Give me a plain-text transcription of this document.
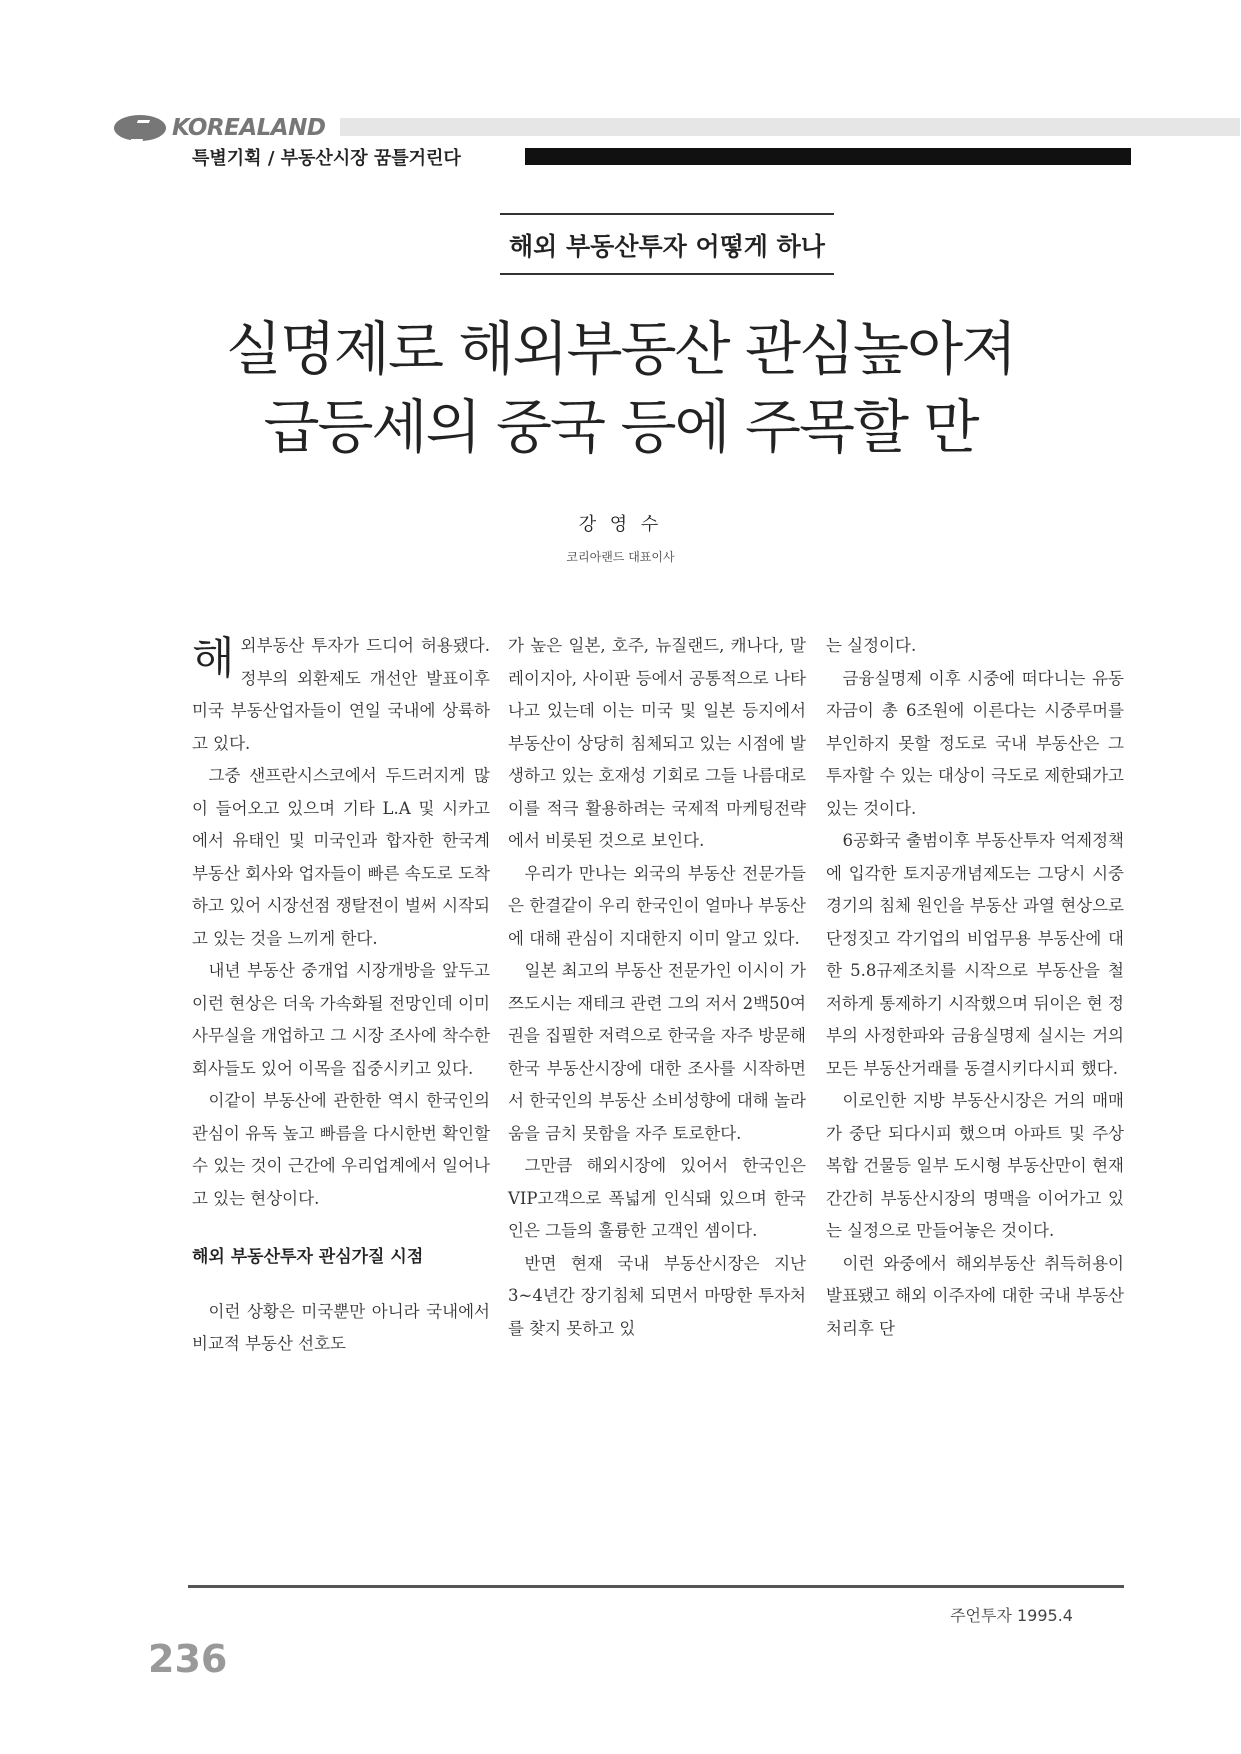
KOREALAND
특별기획 / 부동산시장 꿈틀거린다
해외 부동산투자 어떻게 하나
실명제로 해외부동산 관심높아져
급등세의 중국 등에 주목할 만
강 영 수
코리아랜드 대표이사

해 외부동산 투자가 드디어 허용됐다. 정부의 외환제도 개선안 발표이후 미국 부동산업자들이 연일 국내에 상륙하고 있다.

그중 샌프란시스코에서 두드러지게 많이 들어오고 있으며 기타 L.A 및 시카고에서 유태인 및 미국인과 합자한 한국계 부동산 회사와 업자들이 빠른 속도로 도착하고 있어 시장선점 쟁탈전이 벌써 시작되고 있는 것을 느끼게 한다.

내년 부동산 중개업 시장개방을 앞두고 이런 현상은 더욱 가속화될 전망인데 이미 사무실을 개업하고 그 시장 조사에 착수한 회사들도 있어 이목을 집중시키고 있다.

이같이 부동산에 관한한 역시 한국인의 관심이 유독 높고 빠름을 다시한번 확인할 수 있는 것이 근간에 우리업계에서 일어나고 있는 현상이다.

해외 부동산투자 관심가질 시점

이런 상황은 미국뿐만 아니라 국내에서 비교적 부동산 선호도

가 높은 일본, 호주, 뉴질랜드, 캐나다, 말레이지아, 사이판 등에서 공통적으로 나타나고 있는데 이는 미국 및 일본 등지에서 부동산이 상당히 침체되고 있는 시점에 발생하고 있는 호재성 기회로 그들 나름대로 이를 적극 활용하려는 국제적 마케팅전략에서 비롯된 것으로 보인다.

우리가 만나는 외국의 부동산 전문가들은 한결같이 우리 한국인이 얼마나 부동산에 대해 관심이 지대한지 이미 알고 있다.

일본 최고의 부동산 전문가인 이시이 가쯔도시는 재테크 관련 그의 저서 2백50여권을 집필한 저력으로 한국을 자주 방문해 한국 부동산시장에 대한 조사를 시작하면서 한국인의 부동산 소비성향에 대해 놀라움을 금치 못함을 자주 토로한다.

그만큼 해외시장에 있어서 한국인은 VIP고객으로 폭넓게 인식돼 있으며 한국인은 그들의 훌륭한 고객인 셈이다.

반면 현재 국내 부동산시장은 지난 3~4년간 장기침체 되면서 마땅한 투자처를 찾지 못하고 있

는 실정이다.

금융실명제 이후 시중에 떠다니는 유동자금이 총 6조원에 이른다는 시중루머를 부인하지 못할 정도로 국내 부동산은 그 투자할 수 있는 대상이 극도로 제한돼가고 있는 것이다.

6공화국 출범이후 부동산투자 억제정책에 입각한 토지공개념제도는 그당시 시중경기의 침체 원인을 부동산 과열 현상으로 단정짓고 각기업의 비업무용 부동산에 대한 5.8규제조치를 시작으로 부동산을 철저하게 통제하기 시작했으며 뒤이은 현 정부의 사정한파와 금융실명제 실시는 거의 모든 부동산거래를 동결시키다시피 했다.

이로인한 지방 부동산시장은 거의 매매가 중단 되다시피 했으며 아파트 및 주상복합 건물등 일부 도시형 부동산만이 현재 간간히 부동산시장의 명맥을 이어가고 있는 실정으로 만들어놓은 것이다.

이런 와중에서 해외부동산 취득허용이 발표됐고 해외 이주자에 대한 국내 부동산 처리후 단

주언투자 1995.4
236
